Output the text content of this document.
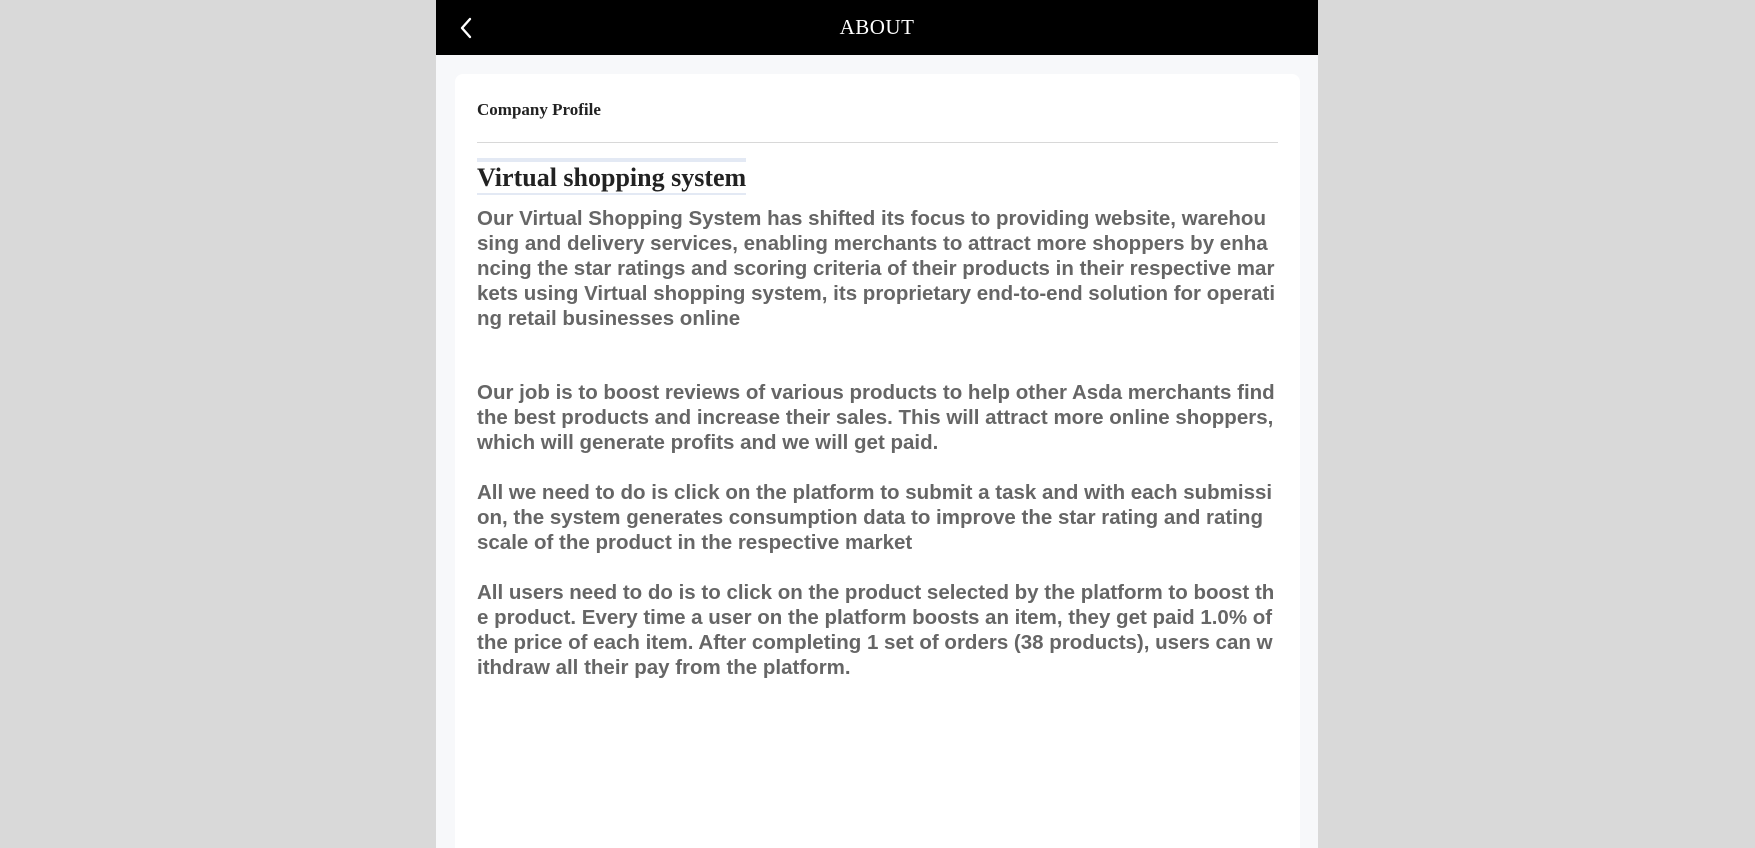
ABOUT
Company Profile
Virtual shopping system

Our Virtual Shopping System has shifted its focus to providing website, warehousing and delivery services, enabling merchants to attract more shoppers by enhancing the star ratings and scoring criteria of their products in their respective markets using Virtual shopping system, its proprietary end-to-end solution for operating retail businesses online

Our job is to boost reviews of various products to help other Asda merchants find the best products and increase their sales. This will attract more online shoppers, which will generate profits and we will get paid.

All we need to do is click on the platform to submit a task and with each submission, the system generates consumption data to improve the star rating and rating scale of the product in the respective market

All users need to do is to click on the product selected by the platform to boost the product. Every time a user on the platform boosts an item, they get paid 1.0% of the price of each item. After completing 1 set of orders (38 products), users can withdraw all their pay from the platform.
